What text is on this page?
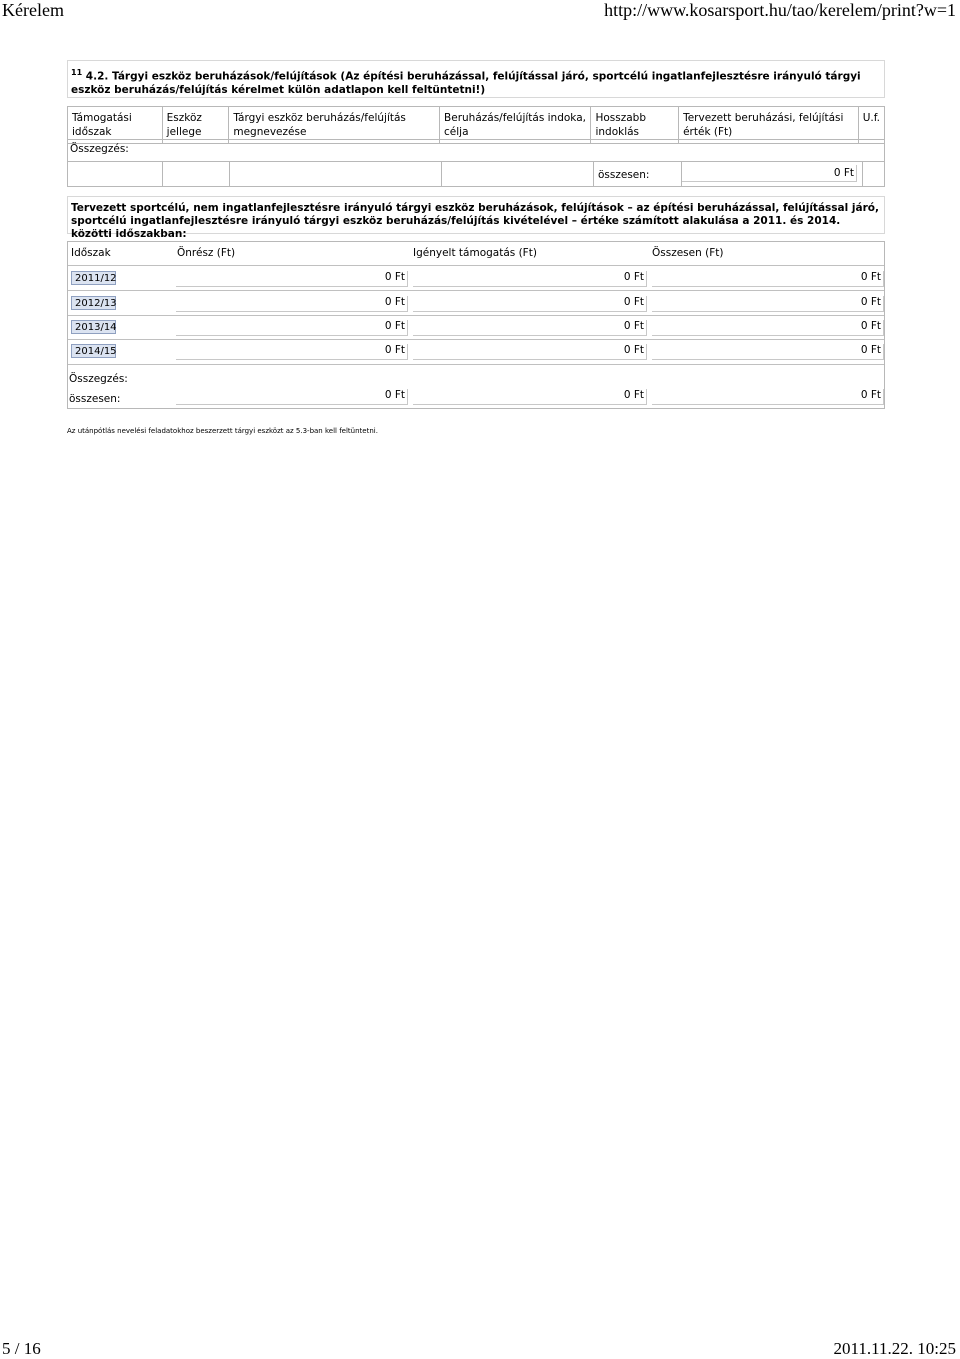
Kérelem	http://www.kosarsport.hu/tao/kerelem/print?w=1
$^{11}$ 4.2. Tárgyi eszköz beruházások/felújítások (Az építési beruházással, felújítással járó, sportcélú ingatlanfejlesztésre irányuló tárgyi eszköz beruházás/felújítás kérelmet külön adatlapon kell feltüntetni!)
Támogatási időszak	Eszköz jellege	Tárgyi eszköz beruházás/felújítás megnevezése	Beruházás/felújítás indoka, célja	Hosszabb indoklás	Tervezett beruházási, felújítási érték (Ft)	U.f.
Összegzés:
				összesen:	0 Ft

Tervezett sportcélú, nem ingatlanfejlesztésre irányuló tárgyi eszköz beruházások, felújítások – az építési beruházással, felújítással járó, sportcélú ingatlanfejlesztésre irányuló tárgyi eszköz beruházás/felújítás kivételével – értéke számított alakulása a 2011. és 2014. közötti időszakban:
Időszak	Önrész (Ft)	Igényelt támogatás (Ft)	Összesen (Ft)
2011/12	0 Ft	0 Ft	0 Ft
2012/13	0 Ft	0 Ft	0 Ft
2013/14	0 Ft	0 Ft	0 Ft
2014/15	0 Ft	0 Ft	0 Ft
Összegzés:
összesen:	0 Ft	0 Ft	0 Ft
Az utánpótlás nevelési feladatokhoz beszerzett tárgyi eszközt az 5.3-ban kell feltüntetni.
5 / 16	2011.11.22. 10:25
